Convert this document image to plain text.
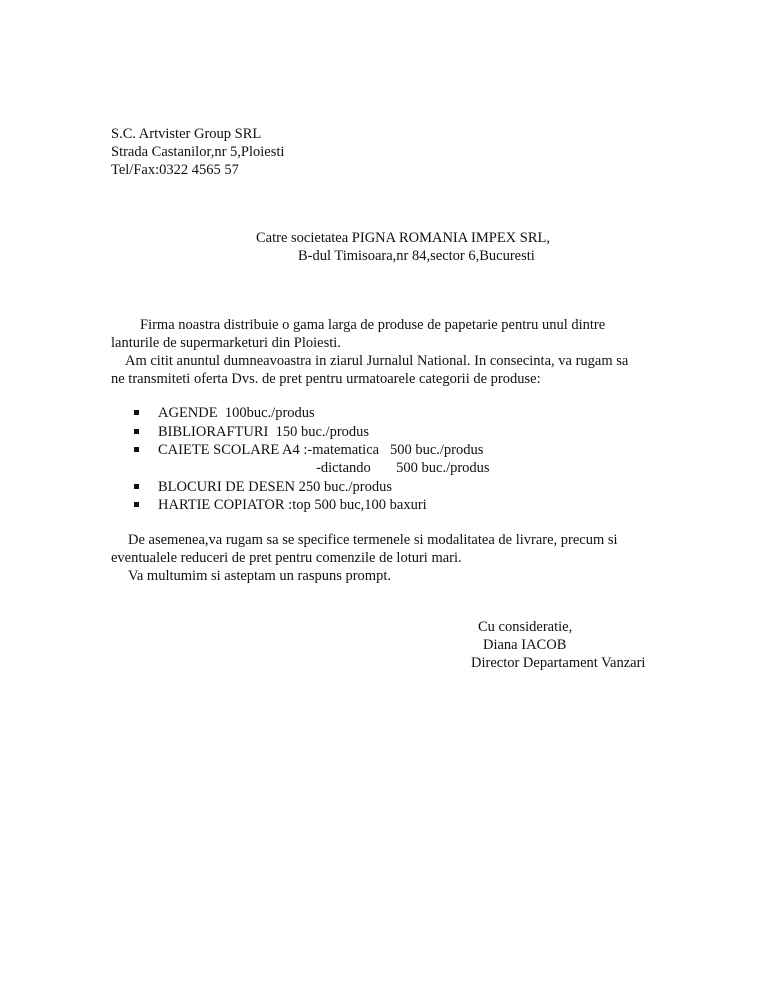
S.C. Artvister Group SRL
Strada Castanilor,nr 5,Ploiesti
Tel/Fax:0322 4565 57
Catre societatea PIGNA ROMANIA IMPEX SRL,
B-dul Timisoara,nr 84,sector 6,Bucuresti
Firma noastra distribuie o gama larga de produse de papetarie pentru unul dintre
lanturile de supermarketuri din Ploiesti.
Am citit anuntul dumneavoastra in ziarul Jurnalul National. In consecinta, va rugam sa
ne transmiteti oferta Dvs. de pret pentru urmatoarele categorii de produse:
AGENDE  100buc./produs
BIBLIORAFTURI  150 buc./produs
CAIETE SCOLARE A4 :-matematica   500 buc./produs
-dictando       500 buc./produs
BLOCURI DE DESEN 250 buc./produs
HARTIE COPIATOR :top 500 buc,100 baxuri
De asemenea,va rugam sa se specifice termenele si modalitatea de livrare, precum si
eventualele reduceri de pret pentru comenzile de loturi mari.
Va multumim si asteptam un raspuns prompt.
Cu consideratie,
Diana IACOB
Director Departament Vanzari
